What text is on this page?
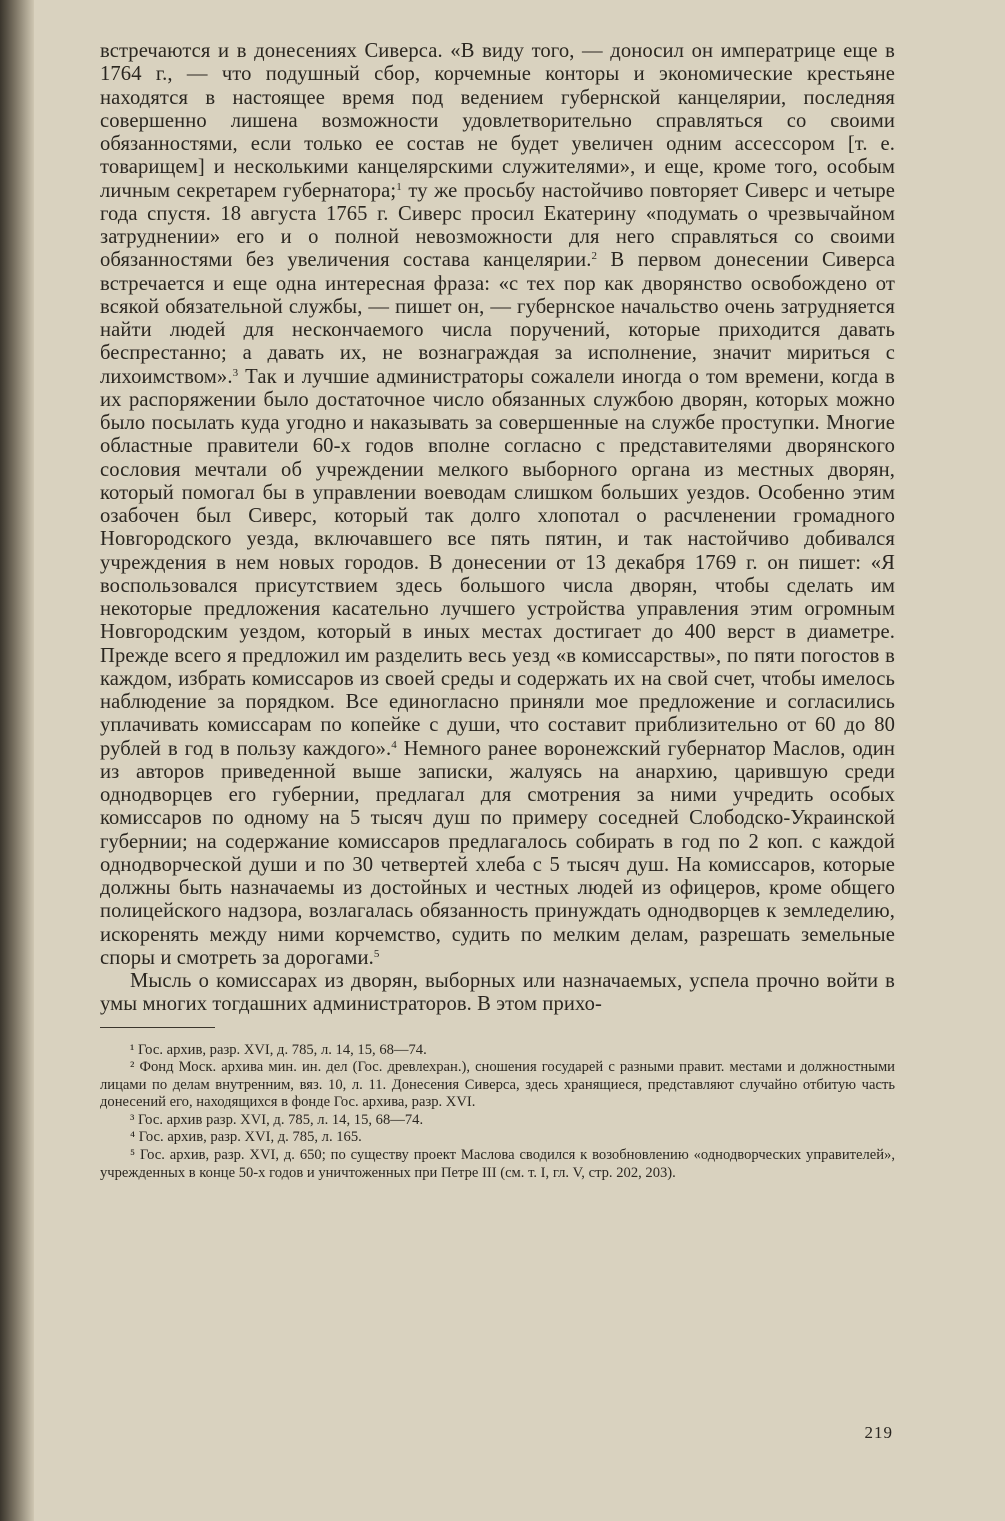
встречаются и в донесениях Сиверса. «В виду того, — доносил он императрице еще в 1764 г., — что подушный сбор, корчемные конторы и экономические крестьяне находятся в настоящее время под ведением губернской канцелярии, последняя совершенно лишена возможности удовлетворительно справляться со своими обязанностями, если только ее состав не будет увеличен одним ассессором [т. е. товарищем] и несколькими канцелярскими служителями», и еще, кроме того, особым личным секретарем губернатора;$^1$ ту же просьбу настойчиво повторяет Сиверс и четыре года спустя. 18 августа 1765 г. Сиверс просил Екатерину «подумать о чрезвычайном затруднении» его и о полной невозможности для него справляться со своими обязанностями без увеличения состава канцелярии.$^2$ В первом донесении Сиверса встречается и еще одна интересная фраза: «с тех пор как дворянство освобождено от всякой обязательной службы, — пишет он, — губернское начальство очень затрудняется найти людей для нескончаемого числа поручений, которые приходится давать беспрестанно; а давать их, не вознаграждая за исполнение, значит мириться с лихоимством».$^3$ Так и лучшие администраторы сожалели иногда о том времени, когда в их распоряжении было достаточное число обязанных службою дворян, которых можно было посылать куда угодно и наказывать за совершенные на службе проступки. Многие областные правители 60-х годов вполне согласно с представителями дворянского сословия мечтали об учреждении мелкого выборного органа из местных дворян, который помогал бы в управлении воеводам слишком больших уездов. Особенно этим озабочен был Сиверс, который так долго хлопотал о расчленении громадного Новгородского уезда, включавшего все пять пятин, и так настойчиво добивался учреждения в нем новых городов. В донесении от 13 декабря 1769 г. он пишет: «Я воспользовался присутствием здесь большого числа дворян, чтобы сделать им некоторые предложения касательно лучшего устройства управления этим огромным Новгородским уездом, который в иных местах достигает до 400 верст в диаметре. Прежде всего я предложил им разделить весь уезд «в комиссарствы», по пяти погостов в каждом, избрать комиссаров из своей среды и содержать их на свой счет, чтобы имелось наблюдение за порядком. Все единогласно приняли мое предложение и согласились уплачивать комиссарам по копейке с души, что составит приблизительно от 60 до 80 рублей в год в пользу каждого».$^4$ Немного ранее воронежский губернатор Маслов, один из авторов приведенной выше записки, жалуясь на анархию, царившую среди однодворцев его губернии, предлагал для смотрения за ними учредить особых комиссаров по одному на 5 тысяч душ по примеру соседней Слободско-Украинской губернии; на содержание комиссаров предлагалось собирать в год по 2 коп. с каждой однодворческой души и по 30 четвертей хлеба с 5 тысяч душ. На комиссаров, которые должны быть назначаемы из достойных и честных людей из офицеров, кроме общего полицейского надзора, возлагалась обязанность принуждать однодворцев к земледелию, искоренять между ними корчемство, судить по мелким делам, разрешать земельные споры и смотреть за дорогами.$^5$

Мысль о комиссарах из дворян, выборных или назначаемых, успела прочно войти в умы многих тогдашних администраторов. В этом прихо-

¹ Гос. архив, разр. XVI, д. 785, л. 14, 15, 68—74.

² Фонд Моск. архива мин. ин. дел (Гос. древлехран.), сношения государей с разными правит. местами и должностными лицами по делам внутренним, вяз. 10, л. 11. Донесения Сиверса, здесь хранящиеся, представляют случайно отбитую часть донесений его, находящихся в фонде Гос. архива, разр. XVI.

³ Гос. архив разр. XVI, д. 785, л. 14, 15, 68—74.

⁴ Гос. архив, разр. XVI, д. 785, л. 165.

⁵ Гос. архив, разр. XVI, д. 650; по существу проект Маслова сводился к возобновлению «однодворческих управителей», учрежденных в конце 50-х годов и уничтоженных при Петре III (см. т. I, гл. V, стр. 202, 203).

219
